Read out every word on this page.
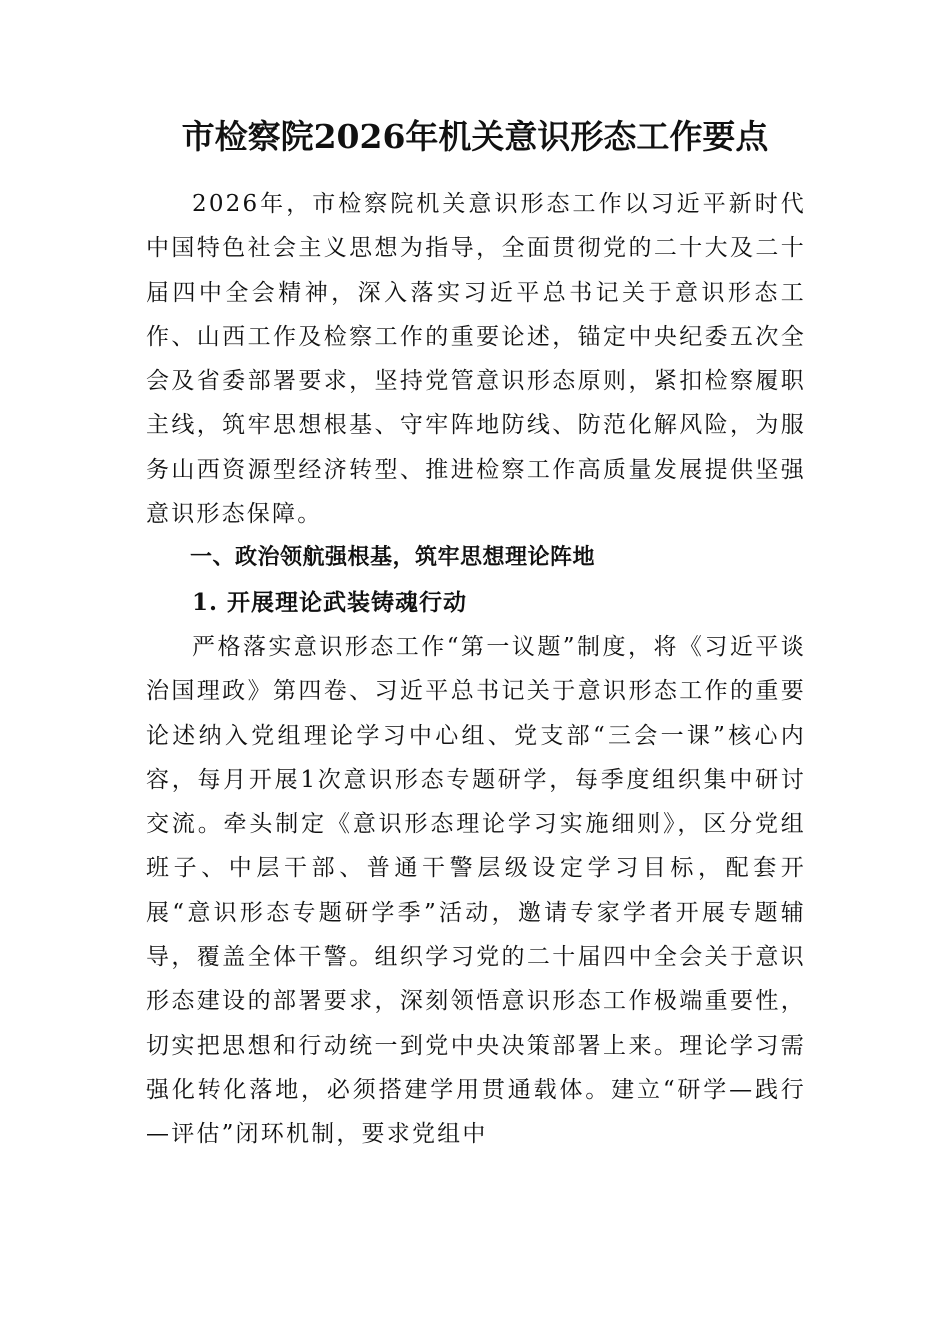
市检察院2026年机关意识形态工作要点

2026年，市检察院机关意识形态工作以习近平新时代中国特色社会主义思想为指导，全面贯彻党的二十大及二十届四中全会精神，深入落实习近平总书记关于意识形态工作、山西工作及检察工作的重要论述，锚定中央纪委五次全会及省委部署要求，坚持党管意识形态原则，紧扣检察履职主线，筑牢思想根基、守牢阵地防线、防范化解风险，为服务山西资源型经济转型、推进检察工作高质量发展提供坚强意识形态保障。

一、政治领航强根基，筑牢思想理论阵地

1. 开展理论武装铸魂行动

严格落实意识形态工作“第一议题”制度，将《习近平谈治国理政》第四卷、习近平总书记关于意识形态工作的重要论述纳入党组理论学习中心组、党支部“三会一课”核心内容，每月开展1次意识形态专题研学，每季度组织集中研讨交流。牵头制定《意识形态理论学习实施细则》，区分党组班子、中层干部、普通干警层级设定学习目标，配套开展“意识形态专题研学季”活动，邀请专家学者开展专题辅导，覆盖全体干警。组织学习党的二十届四中全会关于意识形态建设的部署要求，深刻领悟意识形态工作极端重要性，切实把思想和行动统一到党中央决策部署上来。理论学习需强化转化落地，必须搭建学用贯通载体。建立“研学—践行—评估”闭环机制，要求党组中
